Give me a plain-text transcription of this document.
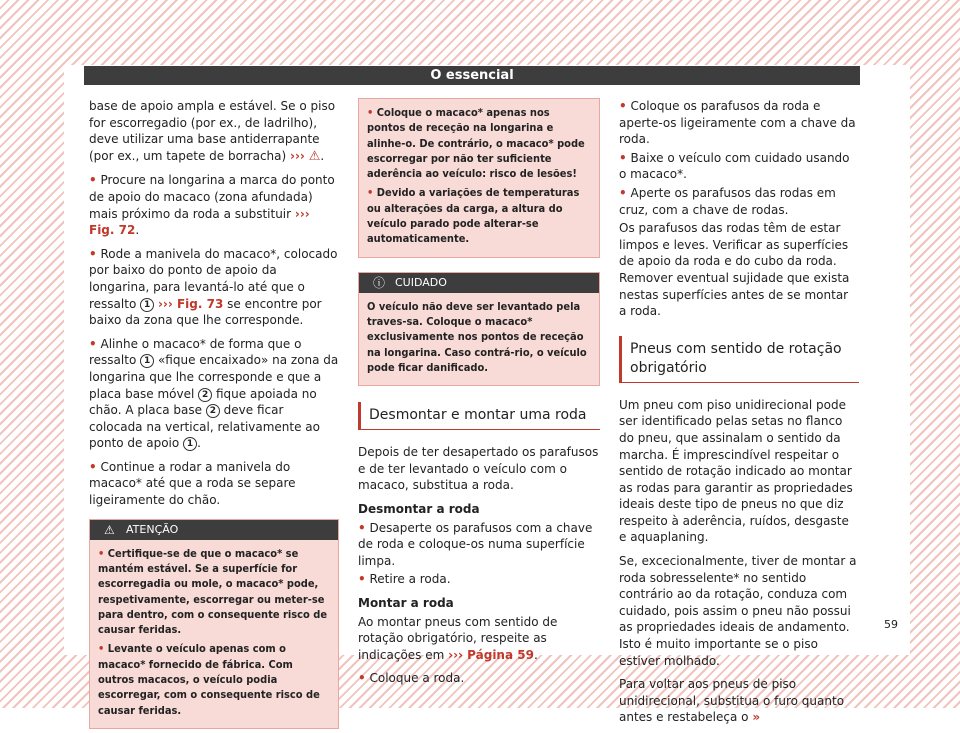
O essencial

base de apoio ampla e estável. Se o piso for escorregadio (por ex., de ladrilho), deve utilizar uma base antiderrapante (por ex., um tapete de borracha) ››› ⚠.

• Procure na longarina a marca do ponto de apoio do macaco (zona afundada) mais próximo da roda a substituir ››› Fig. 72.

• Rode a manivela do macaco*, colocado por baixo do ponto de apoio da longarina, para levantá-lo até que o ressalto 1 ››› Fig. 73 se encontre por baixo da zona que lhe corresponde.

• Alinhe o macaco* de forma que o ressalto 1 «fique encaixado» na zona da longarina que lhe corresponde e que a placa base móvel 2 fique apoiada no chão. A placa base 2 deve ficar colocada na vertical, relativamente ao ponto de apoio 1 .

• Continue a rodar a manivela do macaco* até que a roda se separe ligeiramente do chão.

⚠ ATENÇÃO

• Certifique-se de que o macaco* se mantém estável. Se a superfície for escorregadia ou mole, o macaco* pode, respetivamente, escorregar ou meter-se para dentro, com o consequente risco de causar feridas.

• Levante o veículo apenas com o macaco* fornecido de fábrica. Com outros macacos, o veículo podia escorregar, com o consequente risco de causar feridas.

• Coloque o macaco* apenas nos pontos de receção na longarina e alinhe-o. De contrário, o macaco* pode escorregar por não ter suficiente aderência ao veículo: risco de lesões!

• Devido a variações de temperaturas ou alterações da carga, a altura do veículo parado pode alterar-se automaticamente.

ⓘ CUIDADO

O veículo não deve ser levantado pela traves-sa. Coloque o macaco* exclusivamente nos pontos de receção na longarina. Caso contrá-rio, o veículo pode ficar danificado.

Desmontar e montar uma roda

Depois de ter desapertado os parafusos e de ter levantado o veículo com o macaco, substitua a roda.

Desmontar a roda

• Desaperte os parafusos com a chave de roda e coloque-os numa superfície limpa.

• Retire a roda.

Montar a roda

Ao montar pneus com sentido de rotação obrigatório, respeite as indicações em ››› Página 59.

• Coloque a roda.

• Coloque os parafusos da roda e aperte-os ligeiramente com a chave da roda.

• Baixe o veículo com cuidado usando o macaco*.

• Aperte os parafusos das rodas em cruz, com a chave de rodas.

Os parafusos das rodas têm de estar limpos e leves. Verificar as superfícies de apoio da roda e do cubo da roda. Remover eventual sujidade que exista nestas superfícies antes de se montar a roda.

Pneus com sentido de rotação obrigatório

Um pneu com piso unidirecional pode ser identificado pelas setas no flanco do pneu, que assinalam o sentido da marcha. É imprescindível respeitar o sentido de rotação indicado ao montar as rodas para garantir as propriedades ideais deste tipo de pneus no que diz respeito à aderência, ruídos, desgaste e aquaplaning.

Se, excecionalmente, tiver de montar a roda sobresselente* no sentido contrário ao da rotação, conduza com cuidado, pois assim o pneu não possui as propriedades ideais de andamento. Isto é muito importante se o piso estiver molhado.

Para voltar aos pneus de piso unidirecional, substitua o furo quanto antes e restabeleça o »

59
